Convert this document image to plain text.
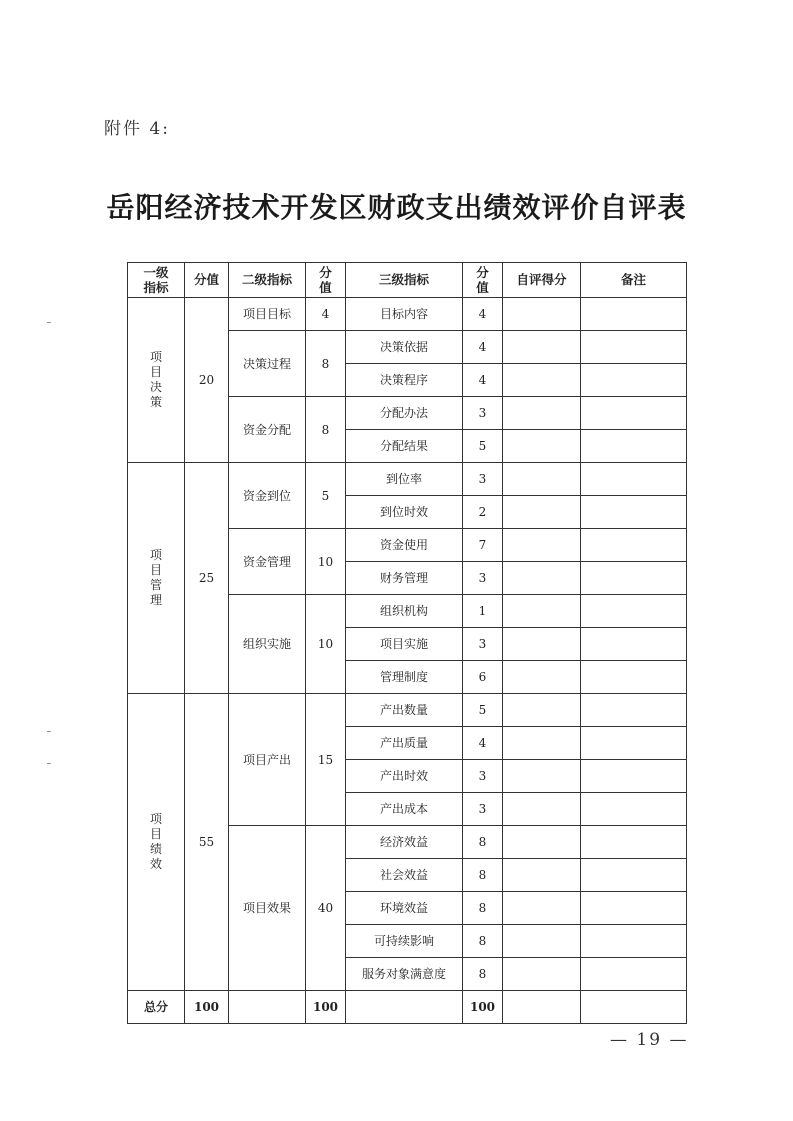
附件 4:
岳阳经济技术开发区财政支出绩效评价自评表
一级指标	分值	二级指标	分值	三级指标	分值	自评得分	备注
项目决策	20	项目目标	4	目标内容	4		
		决策过程	8	决策依据	4		
				决策程序	4		
		资金分配	8	分配办法	3		
				分配结果	5		
项目管理	25	资金到位	5	到位率	3		
				到位时效	2		
		资金管理	10	资金使用	7		
				财务管理	3		
		组织实施	10	组织机构	1		
				项目实施	3		
				管理制度	6		
项目绩效	55	项目产出	15	产出数量	5		
				产出质量	4		
				产出时效	3		
				产出成本	3		
		项目效果	40	经济效益	8		
				社会效益	8		
				环境效益	8		
				可持续影响	8		
				服务对象满意度	8		
总分	100		100		100		
— 19 —
